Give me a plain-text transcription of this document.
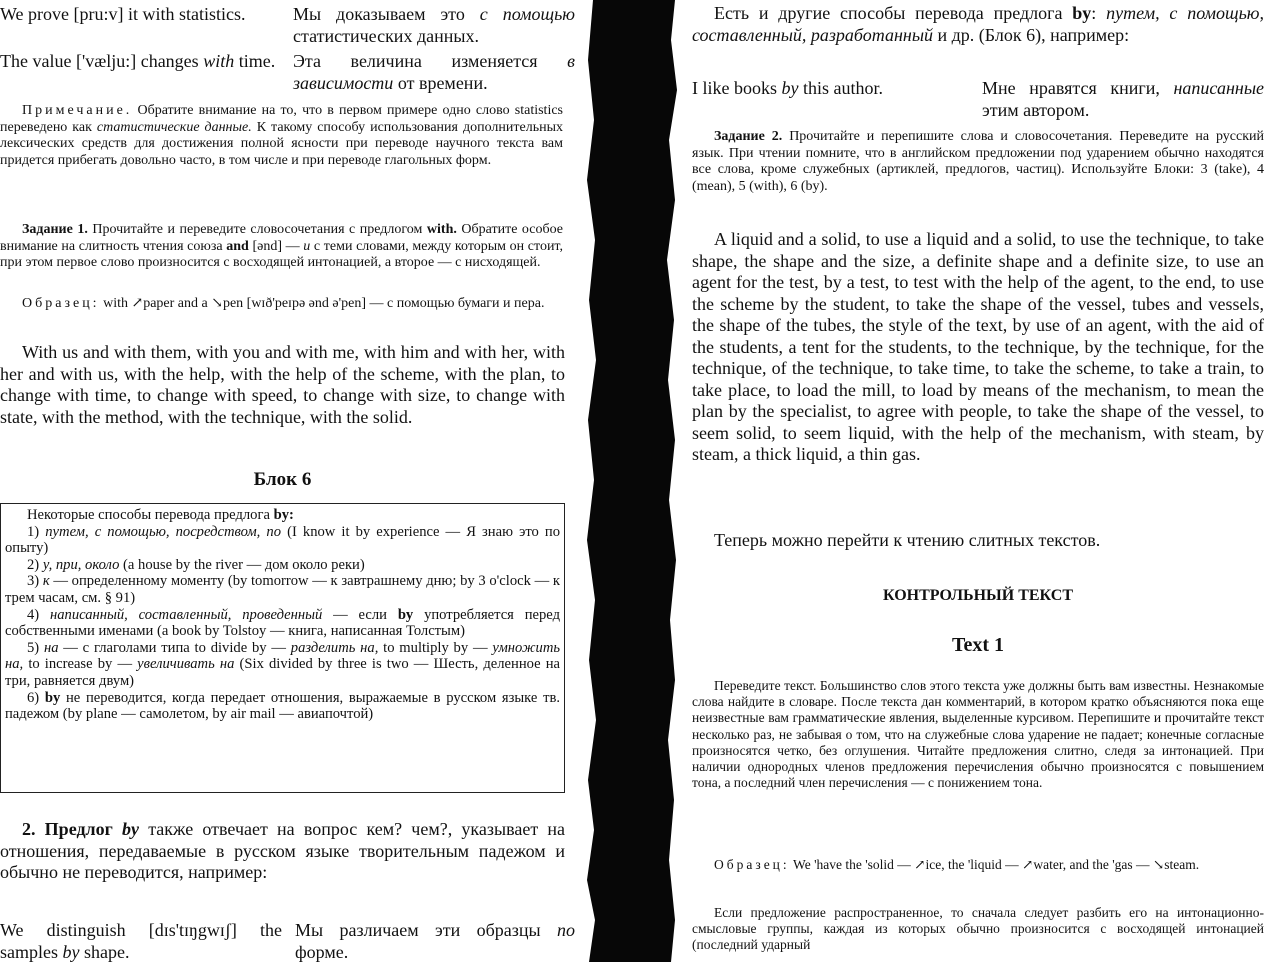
We prove [pru:v] it with statistics.	Мы доказываем это с помощью статистических данных.
The value ['vælju:] changes with time. Эта величина изменяется в зависимости от времени.

Примечание. Обратите внимание на то, что в первом примере одно слово statistics переведено как статистические данные. К такому способу использования дополнительных лексических средств для достижения полной ясности при переводе научного текста вам придется прибегать довольно часто, в том числе и при переводе глагольных форм.

Задание 1. Прочитайте и переведите словосочетания с предлогом with. Обратите особое внимание на слитность чтения союза and [ənd] — и с теми словами, между которым он стоит, при этом первое слово произносится с восходящей интонацией, а второе — с нисходящей.

Образец: with ↗paper and a ↘pen [wɪð'peɪpə ənd ə'pen] — с помощью бумаги и пера.

With us and with them, with you and with me, with him and with her, with her and with us, with the help, with the help of the scheme, with the plan, to change with time, to change with speed, to change with size, to change with state, with the method, with the technique, with the solid.

Блок 6

Некоторые способы перевода предлога by:

1) путем, с помощью, посредством, по (I know it by experience — Я знаю это по опыту)

2) у, при, около (a house by the river — дом около реки)

3) к — определенному моменту (by tomorrow — к завтрашнему дню; by 3 o'clock — к трем часам, см. § 91)

4) написанный, составленный, проведенный — если by употребляется перед собственными именами (a book by Tolstoy — книга, написанная Толстым)

5) на — с глаголами типа to divide by — разделить на, to multiply by — умножить на, to increase by — увеличивать на (Six divided by three is two — Шесть, деленное на три, равняется двум)

6) by не переводится, когда передает отношения, выражаемые в русском языке тв. падежом (by plane — самолетом, by air mail — авиапочтой)

2. Предлог by также отвечает на вопрос кем? чем?, указывает на отношения, передаваемые в русском языке творительным падежом и обычно не переводится, например:

We distinguish [dɪs'tɪŋgwɪʃ] the samples by shape.
Мы различаем эти образцы по форме.

Есть и другие способы перевода предлога by: путем, с помощью, составленный, разработанный и др. (Блок 6), например:

I like books by this author.	Мне нравятся книги, написанные этим автором.

Задание 2. Прочитайте и перепишите слова и словосочетания. Переведите на русский язык. При чтении помните, что в английском предложении под ударением обычно находятся все слова, кроме служебных (артиклей, предлогов, частиц). Используйте Блоки: 3 (take), 4 (mean), 5 (with), 6 (by).

A liquid and a solid, to use a liquid and a solid, to use the technique, to take shape, the shape and the size, a definite shape and a definite size, to use an agent for the test, by a test, to test with the help of the agent, to the end, to use the scheme by the student, to take the shape of the vessel, tubes and vessels, the shape of the tubes, the style of the text, by use of an agent, with the aid of the students, a tent for the students, to the technique, by the technique, for the technique, of the technique, to take time, to take the scheme, to take a train, to take place, to load the mill, to load by means of the mechanism, to mean the plan by the specialist, to agree with people, to take the shape of the vessel, to seem solid, to seem liquid, with the help of the mechanism, with steam, by steam, a thick liquid, a thin gas.

Теперь можно перейти к чтению слитных текстов.

КОНТРОЛЬНЫЙ ТЕКСТ
Text 1

Переведите текст. Большинство слов этого текста уже должны быть вам известны. Незнакомые слова найдите в словаре. После текста дан комментарий, в котором кратко объясняются пока еще неизвестные вам грамматические явления, выделенные курсивом. Перепишите и прочитайте текст несколько раз, не забывая о том, что на служебные слова ударение не падает; конечные согласные произносятся четко, без оглушения. Читайте предложения слитно, следя за интонацией. При наличии однородных членов предложения перечисления обычно произносятся с повышением тона, а последний член перечисления — с понижением тона.

Образец: We 'have the 'solid — ↗ice, the 'liquid — ↗water, and the 'gas — ↘steam.

Если предложение распространенное, то сначала следует разбить его на интонационно-смысловые группы, каждая из которых обычно произносится с восходящей интонацией (последний ударный
